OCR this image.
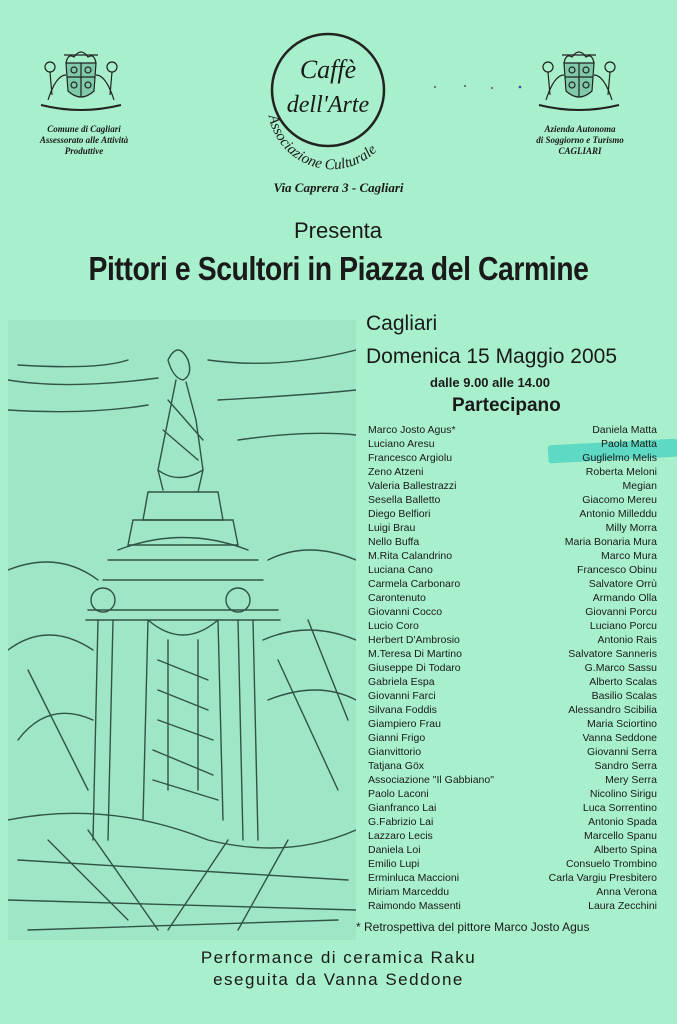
Comune di Cagliari
Assessorato alle Attività
Produttive
Azienda Autonoma
di Soggiorno e Turismo
CAGLIARI
Caffè
dell'Arte
Associazione Culturale
Via Caprera 3 - Cagliari
Presenta
Pittori e Scultori in Piazza del Carmine
Cagliari
Domenica 15 Maggio 2005
dalle 9.00 alle 14.00
Partecipano
Marco Josto Agus*
Luciano Aresu
Francesco Argiolu
Zeno Atzeni
Valeria Ballestrazzi
Sesella Balletto
Diego Belfiori
Luigi Brau
Nello Buffa
M.Rita Calandrino
Luciana Cano
Carmela Carbonaro
Carontenuto
Giovanni Cocco
Lucio Coro
Herbert D'Ambrosio
M.Teresa Di Martino
Giuseppe Di Todaro
Gabriela Espa
Giovanni Farci
Silvana Foddis
Giampiero Frau
Gianni Frigo
Gianvittorio
Tatjana Göx
Associazione "Il Gabbiano"
Paolo Laconi
Gianfranco Lai
G.Fabrizio Lai
Lazzaro Lecis
Daniela Loi
Emilio Lupi
Erminluca Maccioni
Miriam Marceddu
Raimondo Massenti
Daniela Matta
Paola Matta
Guglielmo Melis
Roberta Meloni
Megian
Giacomo Mereu
Antonio Milleddu
Milly Morra
Maria Bonaria Mura
Marco Mura
Francesco Obinu
Salvatore Orrù
Armando Olla
Giovanni Porcu
Luciano Porcu
Antonio Rais
Salvatore Sanneris
G.Marco Sassu
Alberto Scalas
Basilio Scalas
Alessandro Scibilia
Maria Sciortino
Vanna Seddone
Giovanni Serra
Sandro Serra
Mery Serra
Nicolino Sirigu
Luca Sorrentino
Antonio Spada
Marcello Spanu
Alberto Spina
Consuelo Trombino
Carla Vargiu Presbitero
Anna Verona
Laura Zecchini
* Retrospettiva del pittore Marco Josto Agus
Performance di ceramica Raku
eseguita da Vanna Seddone
